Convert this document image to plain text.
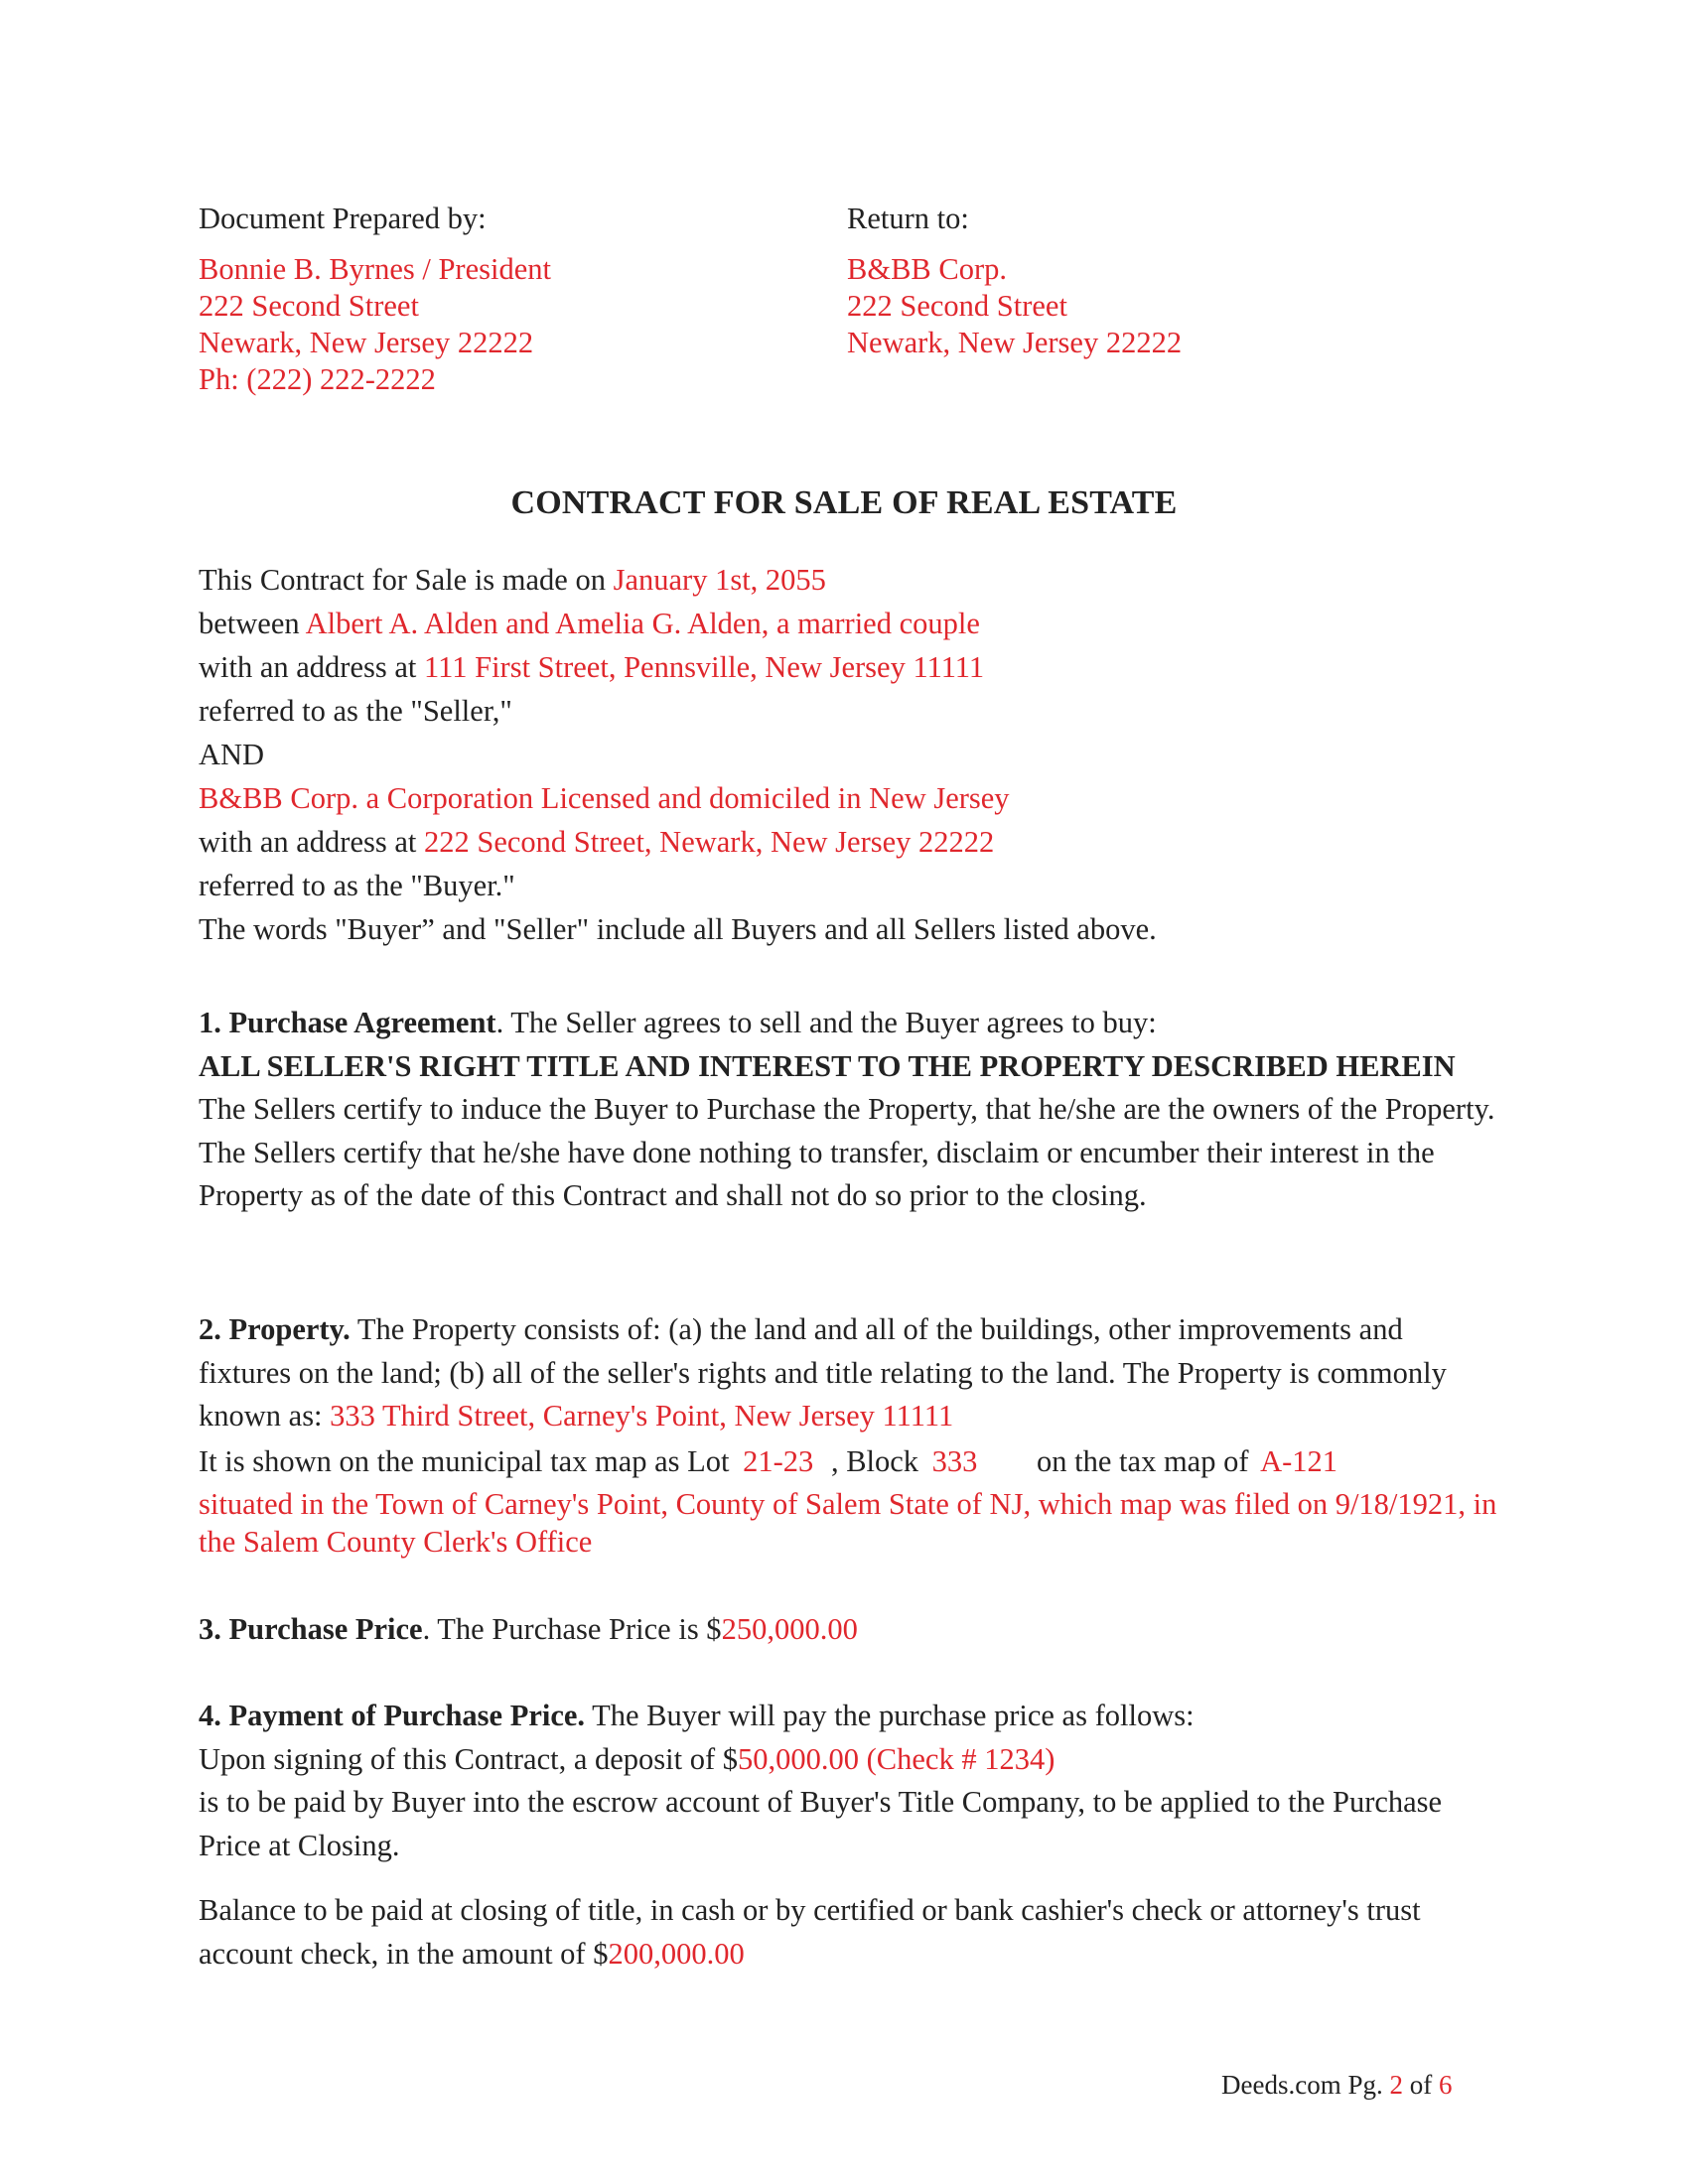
Document Prepared by:
Bonnie B. Byrnes / President
222 Second Street
Newark, New Jersey 22222
Ph: (222) 222-2222
Return to:
B&BB Corp.
222 Second Street
Newark, New Jersey 22222
CONTRACT FOR SALE OF REAL ESTATE
This Contract for Sale is made on January 1st, 2055
between Albert A. Alden and Amelia G. Alden, a married couple
with an address at 111 First Street, Pennsville, New Jersey 11111
referred to as the "Seller,"
AND
B&BB Corp. a Corporation Licensed and domiciled in New Jersey
with an address at 222 Second Street, Newark, New Jersey 22222
referred to as the "Buyer."
The words "Buyer” and "Seller" include all Buyers and all Sellers listed above.
1. Purchase Agreement. The Seller agrees to sell and the Buyer agrees to buy:
ALL SELLER'S RIGHT TITLE AND INTEREST TO THE PROPERTY DESCRIBED HEREIN
The Sellers certify to induce the Buyer to Purchase the Property, that he/she are the owners of the Property. The Sellers certify that he/she have done nothing to transfer, disclaim or encumber their interest in the Property as of the date of this Contract and shall not do so prior to the closing.
2. Property. The Property consists of: (a) the land and all of the buildings, other improvements and fixtures on the land; (b) all of the seller's rights and title relating to the land. The Property is commonly known as: 333 Third Street, Carney's Point, New Jersey 11111
It is shown on the municipal tax map as Lot 21-23 , Block 333 on the tax map of A-121
situated in the Town of Carney's Point, County of Salem State of NJ, which map was filed on 9/18/1921, in the Salem County Clerk's Office
3. Purchase Price. The Purchase Price is $250,000.00
4. Payment of Purchase Price. The Buyer will pay the purchase price as follows:
Upon signing of this Contract, a deposit of $50,000.00 (Check # 1234)
is to be paid by Buyer into the escrow account of Buyer's Title Company, to be applied to the Purchase Price at Closing.
Balance to be paid at closing of title, in cash or by certified or bank cashier's check or attorney's trust account check, in the amount of $200,000.00
Deeds.com Pg. 2 of 6
